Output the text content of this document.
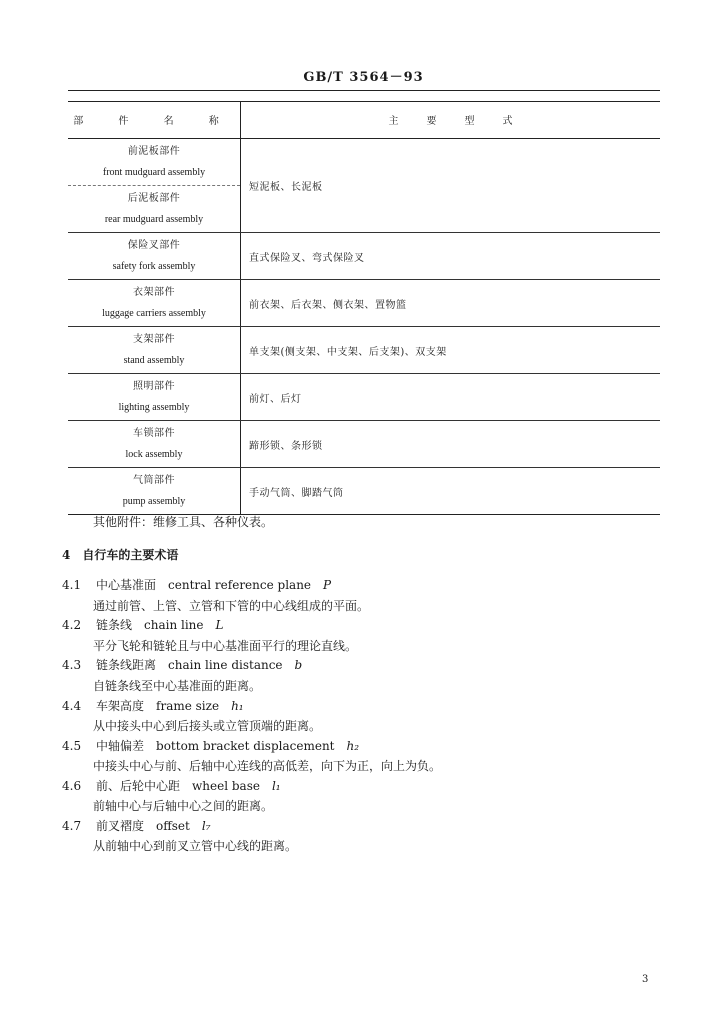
GB/T 3564－93
部 件 名 称	主 要 型 式

前泥板部件
front mudguard assembly	短泥板、长泥板

后泥板部件
rear mudguard assembly	

保险叉部件
safety fork assembly	直式保险叉、弯式保险叉

衣架部件
luggage carriers assembly	前衣架、后衣架、侧衣架、置物篮

支架部件
stand assembly	单支架(侧支架、中支架、后支架)、双支架

照明部件
lighting assembly	前灯、后灯

车锁部件
lock assembly	蹄形锁、条形锁

气筒部件
pump assembly	手动气筒、脚踏气筒
其他附件：维修工具、各种仪表。
4　自行车的主要术语
4.1 中心基准面 central reference plane P
通过前管、上管、立管和下管的中心线组成的平面。
4.2 链条线 chain line L
平分飞轮和链轮且与中心基准面平行的理论直线。
4.3 链条线距离 chain line distance b
自链条线至中心基准面的距离。
4.4 车架高度 frame size h₁
从中接头中心到后接头或立管顶端的距离。
4.5 中轴偏差 bottom bracket displacement h₂
中接头中心与前、后轴中心连线的高低差，向下为正，向上为负。
4.6 前、后轮中心距 wheel base l₁
前轴中心与后轴中心之间的距离。
4.7 前叉褶度 offset l₇
从前轴中心到前叉立管中心线的距离。
3
